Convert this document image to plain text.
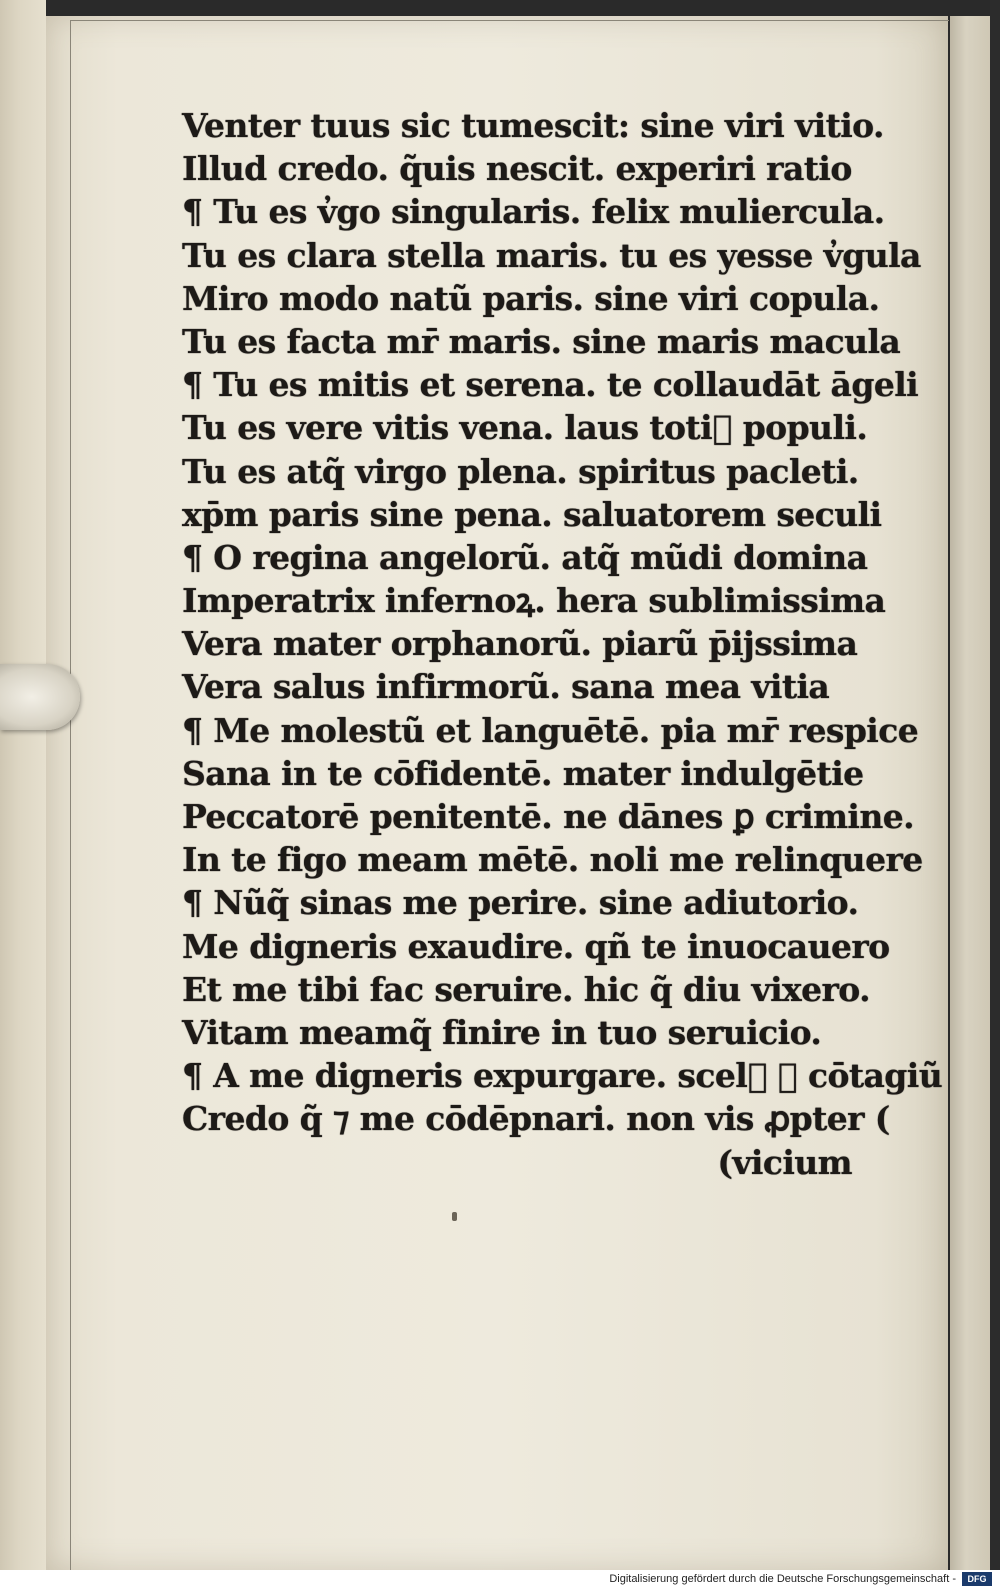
Venter tuus sic tumescit: sine viri vitio.
Illud credo. q̃uis nescit. experiri ratio
¶ Tu es v̓go singularis. felix muliercula.
Tu es clara stella maris. tu es yesse v̓gula
Miro modo natũ paris. sine viri copula.
Tu es facta mr̄ maris. sine maris macula
¶ Tu es mitis et serena. te collaudāt āgeli
Tu es vere vitis vena. laus toti᷒ populi.
Tu es atq̃ virgo plena. spiritus pacleti.
xp̄m paris sine pena. saluatorem seculi
¶ O regina angelorũ. atq̃ mũdi domina
Imperatrix infernoꝝ. hera sublimissima
Vera mater orphanorũ. piarũ p̄ijssima
Vera salus infirmorũ. sana mea vitia
¶ Me molestũ et languētē. pia mr̄ respice
Sana in te cōfidentē. mater indulgētie
Peccatorē penitentē. ne dānes ꝑ crimine.
In te figo meam mētē. noli me relinquere
¶ Nũq̃ sinas me perire. sine adiutorio.
Me digneris exaudire. qñ te inuocauero
Et me tibi fac seruire. hic q̃ diu vixero.
Vitam meamq̃ finire in tuo seruicio.
¶ A me digneris expurgare. scel᷒ ⁊ cōtagiũ
Credo q̃ ⁊ me cōdēpnari. non vis ꝓpter (
(vicium
Digitalisierung gefördert durch die Deutsche Forschungsgemeinschaft -	DFG
